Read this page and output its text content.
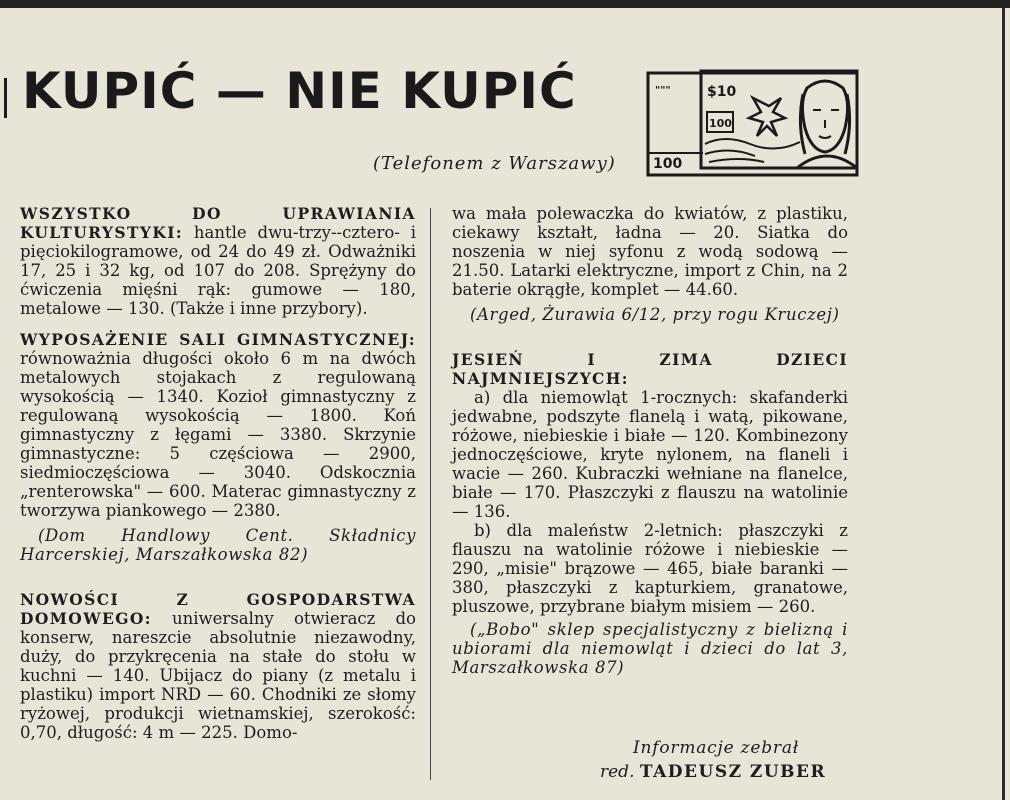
KUPIĆ — NIE KUPIĆ
(Telefonem z Warszawy)
"""	$10
100
100

WSZYSTKO DO UPRAWIANIA KULTURYSTYKI: hantle dwu-trzy--cztero- i pięciokilogramowe, od 24 do 49 zł. Odważniki 17, 25 i 32 kg, od 107 do 208. Sprężyny do ćwiczenia mięśni rąk: gumowe — 180, metalowe — 130. (Także i inne przybory).

WYPOSAŻENIE SALI GIMNASTYCZNEJ: równoważnia długości około 6 m na dwóch metalowych stojakach z regulowaną wysokością — 1340. Kozioł gimnastyczny z regulowaną wysokością — 1800. Koń gimnastyczny z łęgami — 3380. Skrzynie gimnastyczne: 5 częściowa — 2900, siedmioczęściowa — 3040. Odskocznia „renterowska" — 600. Materac gimnastyczny z tworzywa piankowego — 2380.

(Dom Handlowy Cent. Składnicy Harcerskiej, Marszałkowska 82)

NOWOŚCI Z GOSPODARSTWA DOMOWEGO: uniwersalny otwieracz do konserw, nareszcie absolutnie niezawodny, duży, do przykręcenia na stałe do stołu w kuchni — 140. Ubijacz do piany (z metalu i plastiku) import NRD — 60. Chodniki ze słomy ryżowej, produkcji wietnamskiej, szerokość: 0,70, długość: 4 m — 225. Domo-

wa mała polewaczka do kwiatów, z plastiku, ciekawy kształt, ładna — 20. Siatka do noszenia w niej syfonu z wodą sodową — 21.50. Latarki elektryczne, import z Chin, na 2 baterie okrągłe, komplet — 44.60.

(Arged, Żurawia 6/12, przy rogu Kruczej)

JESIEŃ I ZIMA DZIECI NAJMNIEJSZYCH:

a) dla niemowląt 1-rocznych: skafanderki jedwabne, podszyte flanelą i watą, pikowane, różowe, niebieskie i białe — 120. Kombinezony jednoczęściowe, kryte nylonem, na flaneli i wacie — 260. Kubraczki wełniane na flanelce, białe — 170. Płaszczyki z flauszu na watolinie — 136.

b) dla maleństw 2-letnich: płaszczyki z flauszu na watolinie różowe i niebieskie — 290, „misie" brązowe — 465, białe baranki — 380, płaszczyki z kapturkiem, granatowe, pluszowe, przybrane białym misiem — 260.

(„Bobo" sklep specjalistyczny z bielizną i ubiorami dla niemowląt i dzieci do lat 3, Marszałkowska 87)

Informacje zebrał
red. TADEUSZ ZUBER
